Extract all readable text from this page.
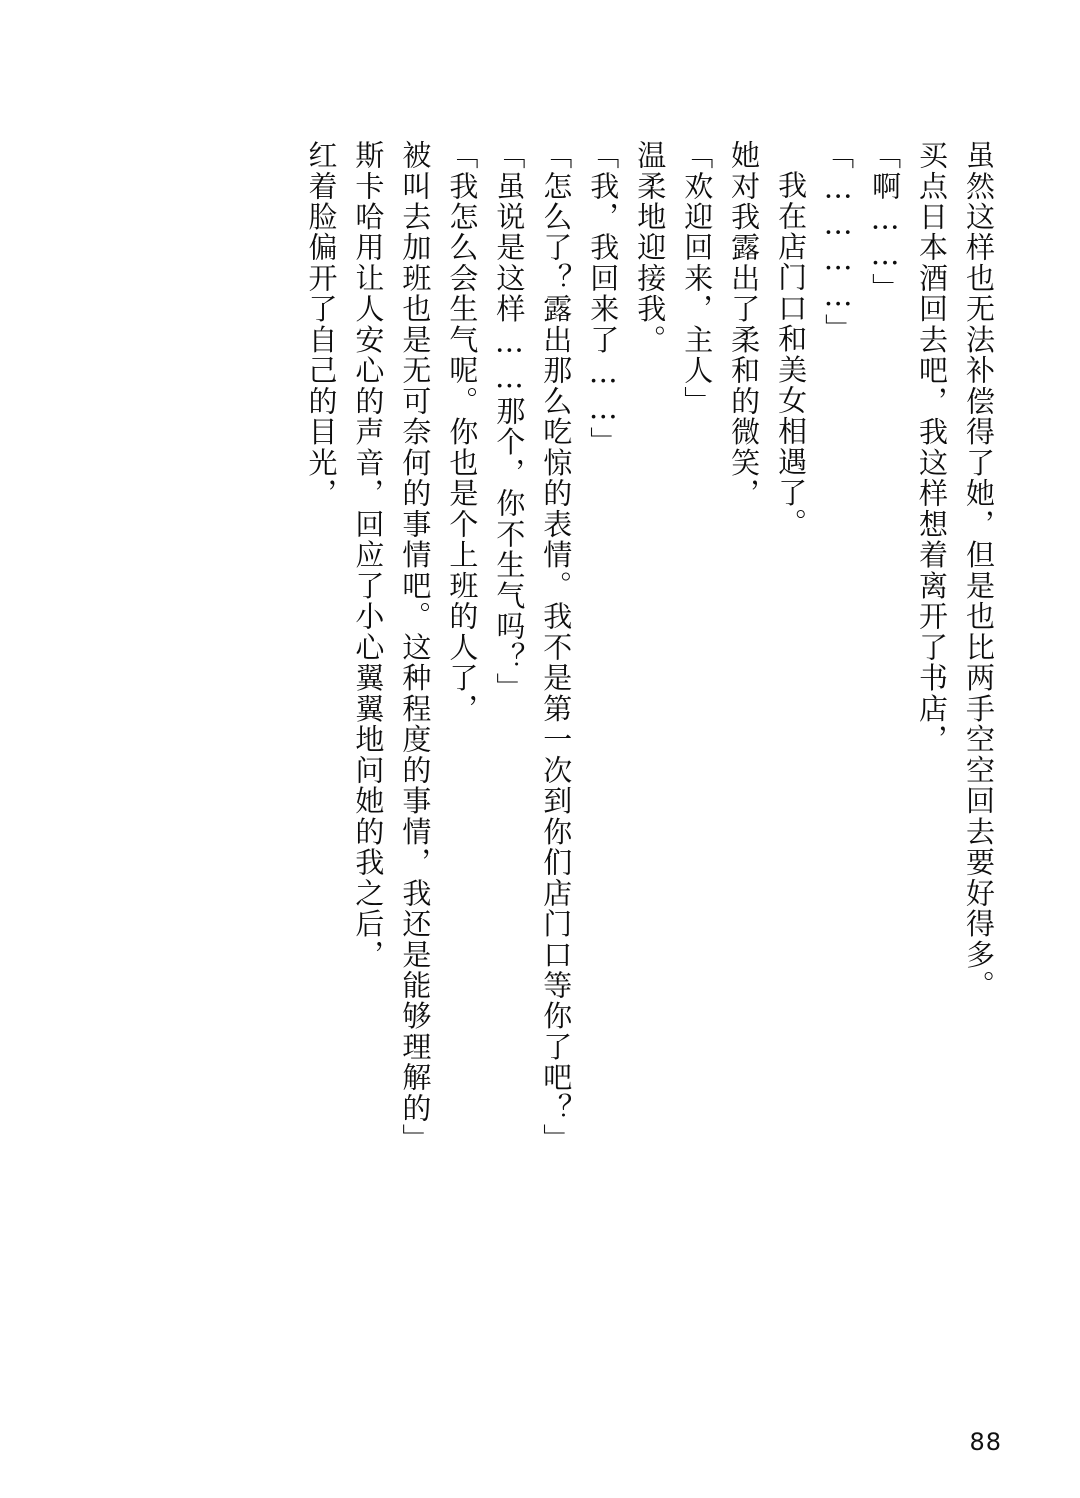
虽然这样也无法补偿得了她，但是也比两手空空回去要好得多。
买点日本酒回去吧，我这样想着离开了书店，
「啊……」
「…………」
我在店门口和美女相遇了。
她对我露出了柔和的微笑，
「欢迎回来，主人」
温柔地迎接我。
「我，我回来了……」
「怎么了？露出那么吃惊的表情。我不是第一次到你们店门口等你了吧？」
「虽说是这样……那个，你不生气吗？」
「我怎么会生气呢。你也是个上班的人了，
被叫去加班也是无可奈何的事情吧。这种程度的事情，我还是能够理解的」
斯卡哈用让人安心的声音，回应了小心翼翼地问她的我之后，
红着脸偏开了自己的目光，
88
